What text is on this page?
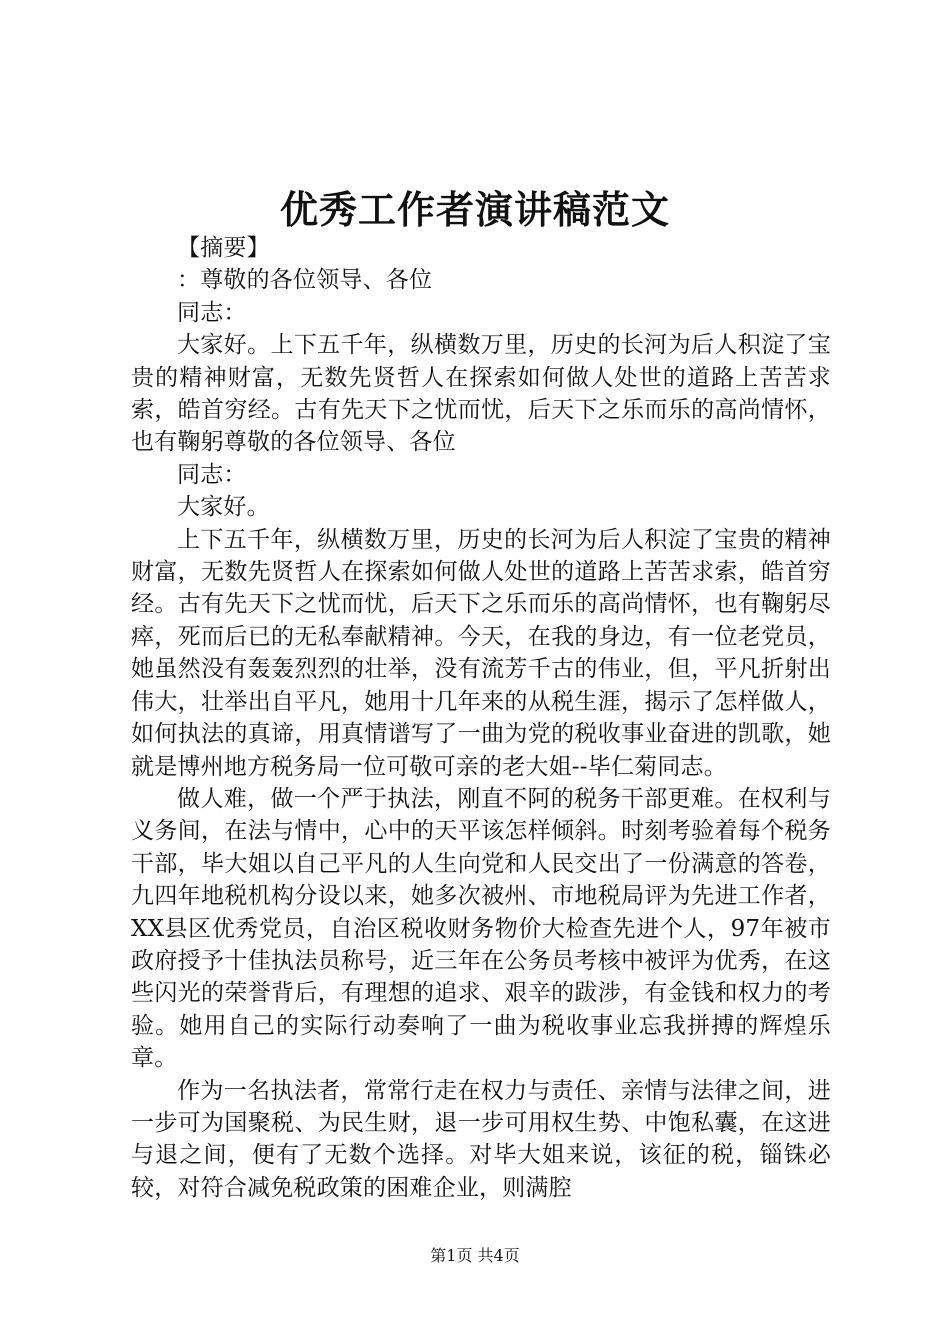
优秀工作者演讲稿范文

【摘要】

：尊敬的各位领导、各位

同志：

大家好。上下五千年，纵横数万里，历史的长河为后人积淀了宝贵的精神财富，无数先贤哲人在探索如何做人处世的道路上苦苦求索，皓首穷经。古有先天下之忧而忧，后天下之乐而乐的高尚情怀，也有鞠躬尊敬的各位领导、各位

同志：

大家好。

上下五千年，纵横数万里，历史的长河为后人积淀了宝贵的精神财富，无数先贤哲人在探索如何做人处世的道路上苦苦求索，皓首穷经。古有先天下之忧而忧，后天下之乐而乐的高尚情怀，也有鞠躬尽瘁，死而后已的无私奉献精神。今天，在我的身边，有一位老党员，她虽然没有轰轰烈烈的壮举，没有流芳千古的伟业，但，平凡折射出伟大，壮举出自平凡，她用十几年来的从税生涯，揭示了怎样做人，如何执法的真谛，用真情谱写了一曲为党的税收事业奋进的凯歌，她就是博州地方税务局一位可敬可亲的老大姐--毕仁菊同志。

做人难，做一个严于执法，刚直不阿的税务干部更难。在权利与义务间，在法与情中，心中的天平该怎样倾斜。时刻考验着每个税务干部，毕大姐以自己平凡的人生向党和人民交出了一份满意的答卷，九四年地税机构分设以来，她多次被州、市地税局评为先进工作者，XX县区优秀党员，自治区税收财务物价大检查先进个人，97年被市政府授予十佳执法员称号，近三年在公务员考核中被评为优秀，在这些闪光的荣誉背后，有理想的追求、艰辛的跋涉，有金钱和权力的考验。她用自己的实际行动奏响了一曲为税收事业忘我拼搏的辉煌乐章。

作为一名执法者，常常行走在权力与责任、亲情与法律之间，进一步可为国聚税、为民生财，退一步可用权生势、中饱私囊，在这进与退之间，便有了无数个选择。对毕大姐来说，该征的税，锱铢必较，对符合减免税政策的困难企业，则满腔

第1页 共4页
